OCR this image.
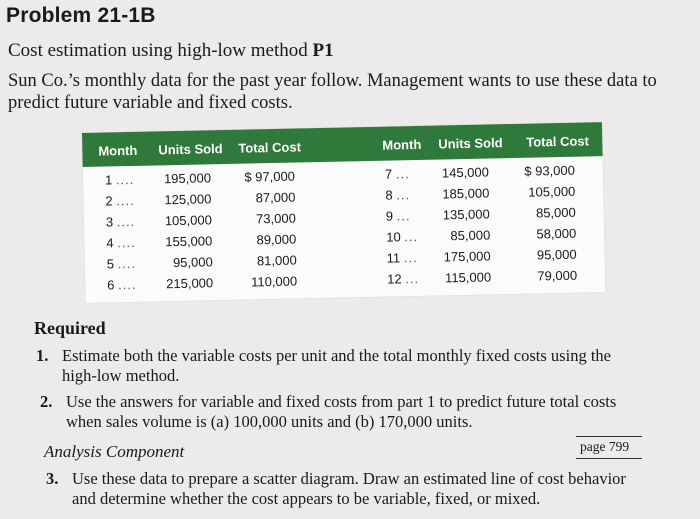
Problem 21-1B
Cost estimation using high-low method P1
Sun Co.’s monthly data for the past year follow. Management wants to use these data to predict future variable and fixed costs.
Month Units Sold Total Cost	Month Units Sold Total Cost
1 .... 195,000	$ 97,000
2 .... 125,000	87,000
3 .... 105,000	73,000
4 .... 155,000	89,000
5 ....	95,000	81,000
6 .... 215,000	110,000
7 ... 145,000	$ 93,000
8 ... 185,000	105,000
9 ... 135,000	85,000
10 ... 85,000	58,000
11 ... 175,000	95,000
12 ... 115,000	79,000
Required
1. Estimate both the variable costs per unit and the total monthly fixed costs using the
high-low method.
2. Use the answers for variable and fixed costs from part 1 to predict future total costs
when sales volume is (a) 100,000 units and (b) 170,000 units.
Analysis Component	page 799
3. Use these data to prepare a scatter diagram. Draw an estimated line of cost behavior
and determine whether the cost appears to be variable, fixed, or mixed.
